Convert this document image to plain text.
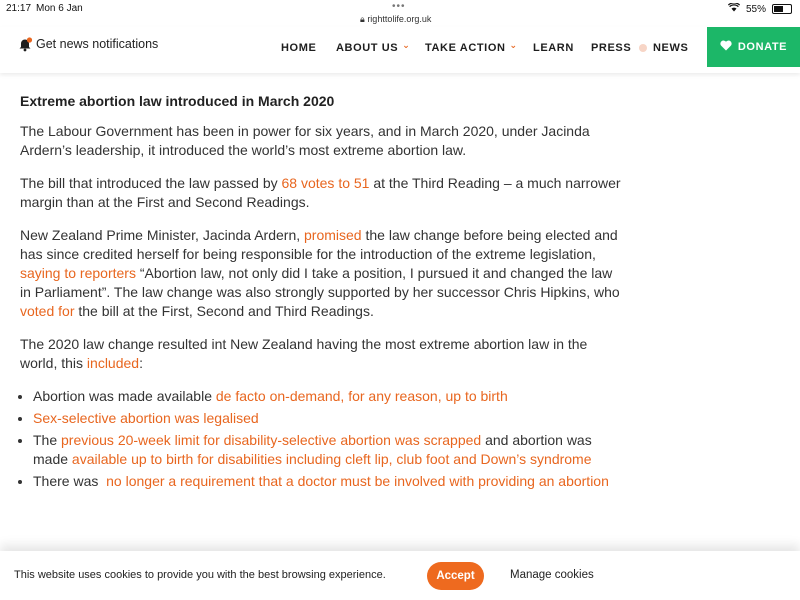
21:17 Mon 6 Jan	•••
🔒︎ righttolife.org.uk
55%
Get news notifications	HOME ABOUT US ⌄ TAKE ACTION ⌄ LEARN PRESS NEWS	DONATE
Extreme abortion law introduced in March 2020

The Labour Government has been in power for six years, and in March 2020, under Jacinda Ardern’s leadership, it introduced the world’s most extreme abortion law.

The bill that introduced the law passed by 68 votes to 51 at the Third Reading – a much narrower margin than at the First and Second Readings.

New Zealand Prime Minister, Jacinda Ardern, promised the law change before being elected and has since credited herself for being responsible for the introduction of the extreme legislation, saying to reporters “Abortion law, not only did I take a position, I pursued it and changed the law in Parliament”. The law change was also strongly supported by her successor Chris Hipkins, who voted for the bill at the First, Second and Third Readings.

The 2020 law change resulted int New Zealand having the most extreme abortion law in the world, this included:

• Abortion was made available de facto on-demand, for any reason, up to birth
• Sex-selective abortion was legalised
• The previous 20-week limit for disability-selective abortion was scrapped and abortion was made available up to birth for disabilities including cleft lip, club foot and Down’s syndrome
• There was  no longer a requirement that a doctor must be involved with providing an abortion
This website uses cookies to provide you with the best browsing experience.	Accept	Manage cookies
